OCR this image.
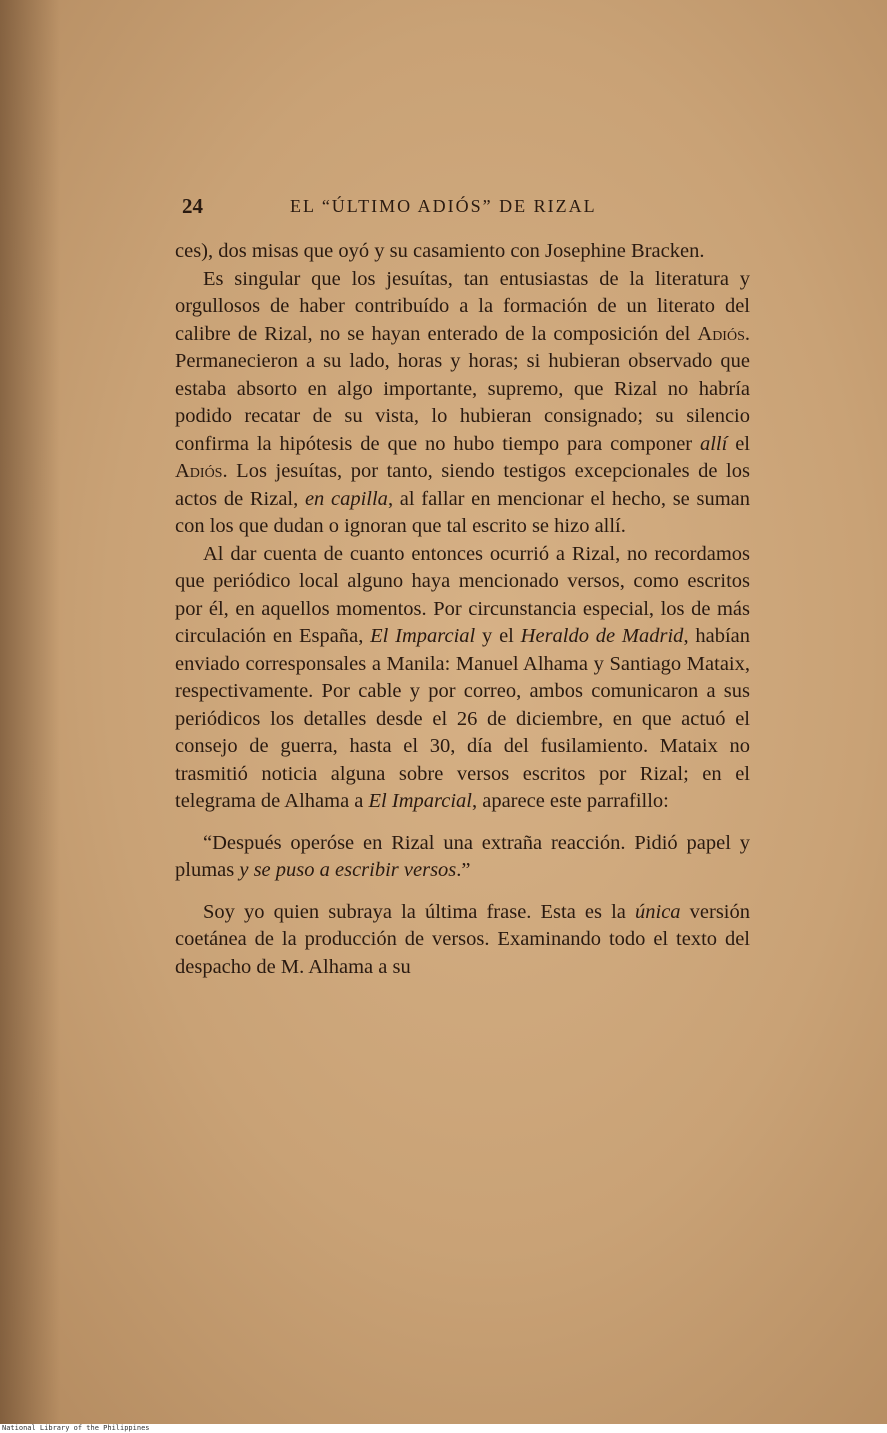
24	EL “ÚLTIMO ADIÓS” DE RIZAL

ces), dos misas que oyó y su casamiento con Josephine Bracken.

Es singular que los jesuítas, tan entusiastas de la literatura y orgullosos de haber contribuído a la formación de un literato del calibre de Rizal, no se hayan enterado de la composición del Adiós. Permanecieron a su lado, horas y horas; si hubieran observado que estaba absorto en algo importante, supremo, que Rizal no habría podido recatar de su vista, lo hubieran consignado; su silencio confirma la hipótesis de que no hubo tiempo para componer allí el Adiós. Los jesuítas, por tanto, siendo testigos excepcionales de los actos de Rizal, en capilla, al fallar en mencionar el hecho, se suman con los que dudan o ignoran que tal escrito se hizo allí.

Al dar cuenta de cuanto entonces ocurrió a Rizal, no recordamos que periódico local alguno haya mencionado versos, como escritos por él, en aquellos momentos. Por circunstancia especial, los de más circulación en España, El Imparcial y el Heraldo de Madrid, habían enviado corresponsales a Manila: Manuel Alhama y Santiago Mataix, respectivamente. Por cable y por correo, ambos comunicaron a sus periódicos los detalles desde el 26 de diciembre, en que actuó el consejo de guerra, hasta el 30, día del fusilamiento. Mataix no trasmitió noticia alguna sobre versos escritos por Rizal; en el telegrama de Alhama a El Imparcial, aparece este parrafillo:

“Después operóse en Rizal una extraña reacción. Pidió papel y plumas y se puso a escribir versos.”

Soy yo quien subraya la última frase. Esta es la única versión coetánea de la producción de versos. Examinando todo el texto del despacho de M. Alhama a su

National Library of the Philippines
